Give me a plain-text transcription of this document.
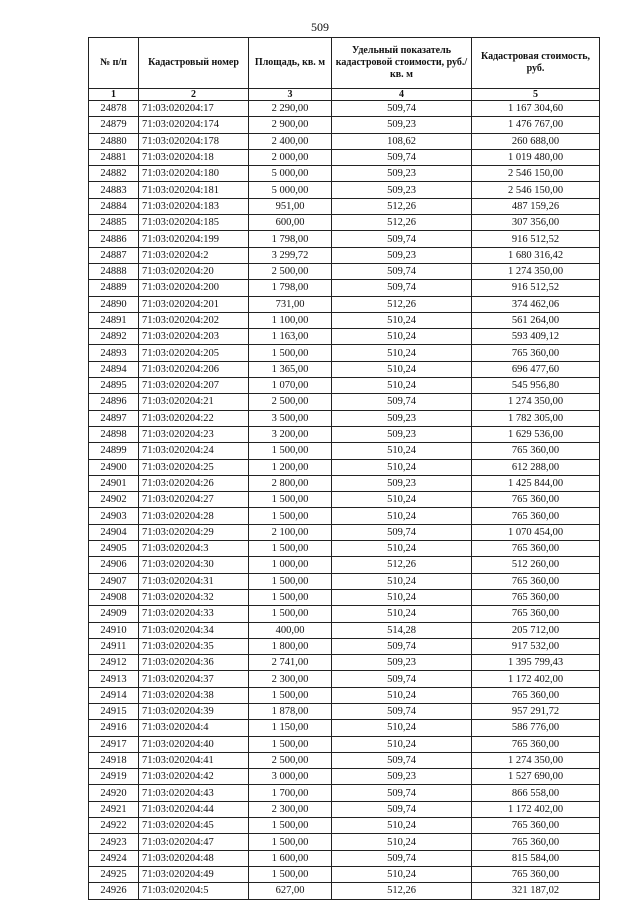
509
№ п/п	Кадастровый номер	Площадь, кв. м	Удельный показатель кадастровой стоимости, руб./кв. м	Кадастровая стоимость, руб.
1	2	3	4	5
24878	71:03:020204:17	2 290,00	509,74	1 167 304,60
24879	71:03:020204:174	2 900,00	509,23	1 476 767,00
24880	71:03:020204:178	2 400,00	108,62	260 688,00
24881	71:03:020204:18	2 000,00	509,74	1 019 480,00
24882	71:03:020204:180	5 000,00	509,23	2 546 150,00
24883	71:03:020204:181	5 000,00	509,23	2 546 150,00
24884	71:03:020204:183	951,00	512,26	487 159,26
24885	71:03:020204:185	600,00	512,26	307 356,00
24886	71:03:020204:199	1 798,00	509,74	916 512,52
24887	71:03:020204:2	3 299,72	509,23	1 680 316,42
24888	71:03:020204:20	2 500,00	509,74	1 274 350,00
24889	71:03:020204:200	1 798,00	509,74	916 512,52
24890	71:03:020204:201	731,00	512,26	374 462,06
24891	71:03:020204:202	1 100,00	510,24	561 264,00
24892	71:03:020204:203	1 163,00	510,24	593 409,12
24893	71:03:020204:205	1 500,00	510,24	765 360,00
24894	71:03:020204:206	1 365,00	510,24	696 477,60
24895	71:03:020204:207	1 070,00	510,24	545 956,80
24896	71:03:020204:21	2 500,00	509,74	1 274 350,00
24897	71:03:020204:22	3 500,00	509,23	1 782 305,00
24898	71:03:020204:23	3 200,00	509,23	1 629 536,00
24899	71:03:020204:24	1 500,00	510,24	765 360,00
24900	71:03:020204:25	1 200,00	510,24	612 288,00
24901	71:03:020204:26	2 800,00	509,23	1 425 844,00
24902	71:03:020204:27	1 500,00	510,24	765 360,00
24903	71:03:020204:28	1 500,00	510,24	765 360,00
24904	71:03:020204:29	2 100,00	509,74	1 070 454,00
24905	71:03:020204:3	1 500,00	510,24	765 360,00
24906	71:03:020204:30	1 000,00	512,26	512 260,00
24907	71:03:020204:31	1 500,00	510,24	765 360,00
24908	71:03:020204:32	1 500,00	510,24	765 360,00
24909	71:03:020204:33	1 500,00	510,24	765 360,00
24910	71:03:020204:34	400,00	514,28	205 712,00
24911	71:03:020204:35	1 800,00	509,74	917 532,00
24912	71:03:020204:36	2 741,00	509,23	1 395 799,43
24913	71:03:020204:37	2 300,00	509,74	1 172 402,00
24914	71:03:020204:38	1 500,00	510,24	765 360,00
24915	71:03:020204:39	1 878,00	509,74	957 291,72
24916	71:03:020204:4	1 150,00	510,24	586 776,00
24917	71:03:020204:40	1 500,00	510,24	765 360,00
24918	71:03:020204:41	2 500,00	509,74	1 274 350,00
24919	71:03:020204:42	3 000,00	509,23	1 527 690,00
24920	71:03:020204:43	1 700,00	509,74	866 558,00
24921	71:03:020204:44	2 300,00	509,74	1 172 402,00
24922	71:03:020204:45	1 500,00	510,24	765 360,00
24923	71:03:020204:47	1 500,00	510,24	765 360,00
24924	71:03:020204:48	1 600,00	509,74	815 584,00
24925	71:03:020204:49	1 500,00	510,24	765 360,00
24926	71:03:020204:5	627,00	512,26	321 187,02
